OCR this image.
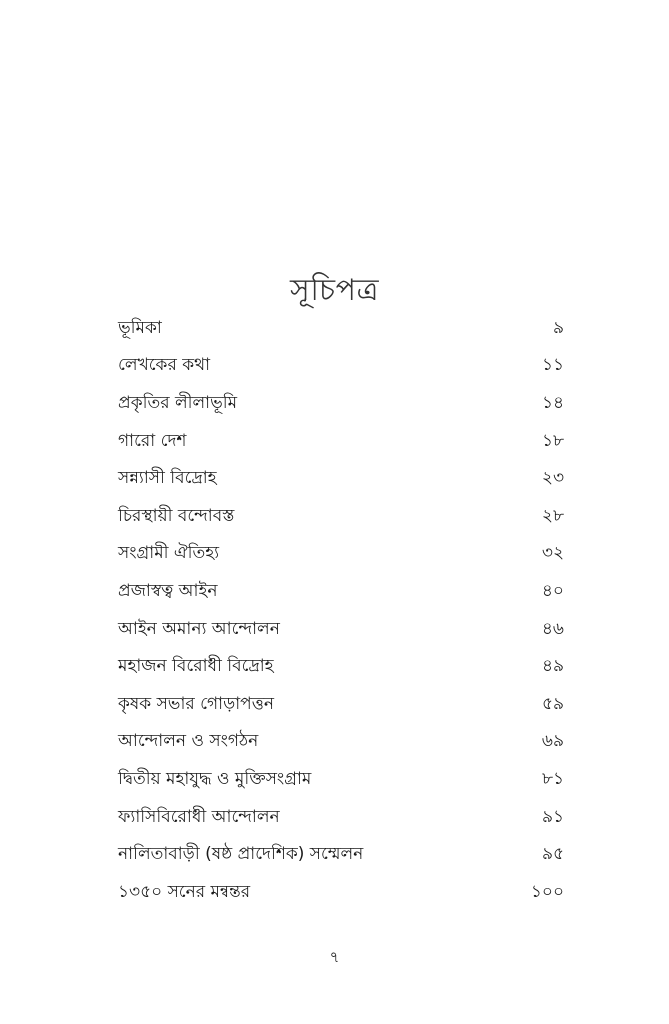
সূচিপত্র
ভূমিকা	৯
লেখকের কথা	১১
প্রকৃতির লীলাভূমি	১৪
গারো দেশ	১৮
সন্ন্যাসী বিদ্রোহ	২৩
চিরস্থায়ী বন্দোবস্ত	২৮
সংগ্রামী ঐতিহ্য	৩২
প্রজাস্বত্ব আইন	৪০
আইন অমান্য আন্দোলন	৪৬
মহাজন বিরোধী বিদ্রোহ	৪৯
কৃষক সভার গোড়াপত্তন	৫৯
আন্দোলন ও সংগঠন	৬৯
দ্বিতীয় মহাযুদ্ধ ও মুক্তিসংগ্রাম	৮১
ফ্যাসিবিরোধী আন্দোলন	৯১
নালিতাবাড়ী (ষষ্ঠ প্রাদেশিক) সম্মেলন	৯৫
১৩৫০ সনের মন্বন্তর	১০০
৭
